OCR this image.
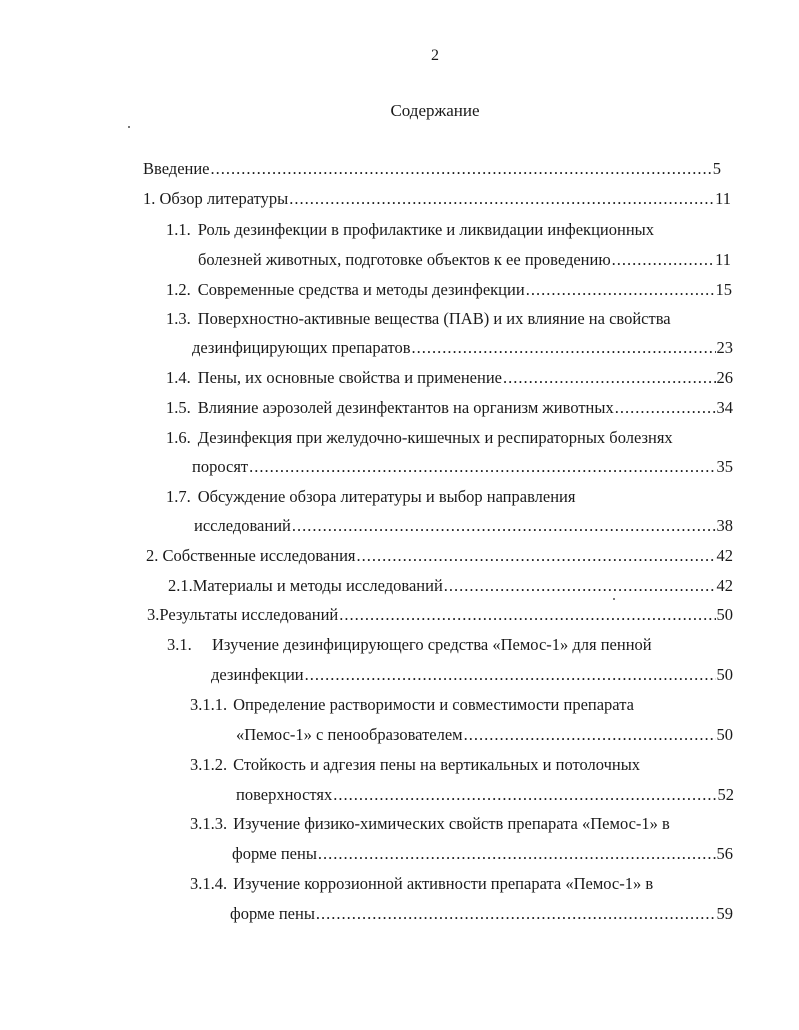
2
Содержание
Введение .....	5
1. Обзор литературы .....	11
1.1. Роль дезинфекции в профилактике и ликвидации инфекционных
болезней животных, подготовке объектов к ее проведению .....	11
1.2. Современные средства и методы дезинфекции .....	15
1.3. Поверхностно-активные вещества (ПАВ) и их влияние на свойства
дезинфицирующих препаратов .....	23
1.4. Пены, их основные свойства и применение .....	26
1.5. Влияние аэрозолей дезинфектантов на организм животных .....	34
1.6. Дезинфекция при желудочно-кишечных и респираторных болезнях
поросят .....	35
1.7. Обсуждение обзора литературы и выбор направления
исследований .....	38
2. Собственные исследования .....	42
2.1. Материалы и методы исследований .....	42
3. Результаты исследований .....	50
3.1.	Изучение дезинфицирующего средства «Пемос-1» для пенной
дезинфекции .....	50
3.1.1. Определение растворимости и совместимости препарата
«Пемос-1» с пенообразователем .....	50
3.1.2. Стойкость и адгезия пены на вертикальных и потолочных
поверхностях .....	52
3.1.3. Изучение физико-химических свойств препарата «Пемос-1» в
форме пены .....	56
3.1.4. Изучение коррозионной активности препарата «Пемос-1» в
форме пены .....	59
